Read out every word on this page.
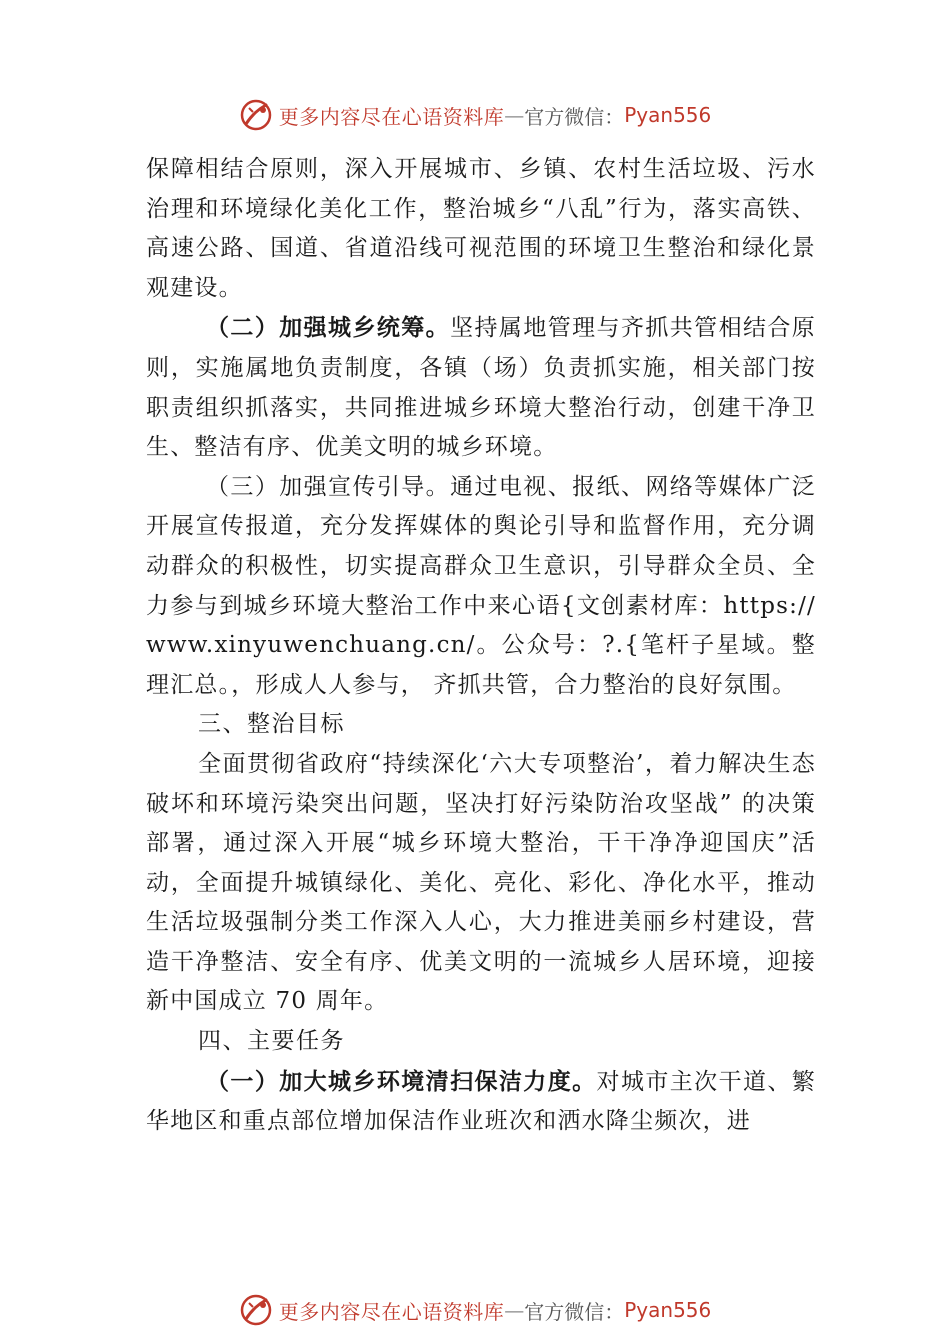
更多内容尽在心语资料库 — 官方微信： Pyan556

保障相结合原则，深入开展城市、乡镇、农村生活垃圾、污水治理和环境绿化美化工作，整治城乡“八乱”行为，落实高铁、高速公路、国道、省道沿线可视范围的环境卫生整治和绿化景观建设。

（二）加强城乡统筹。坚持属地管理与齐抓共管相结合原则，实施属地负责制度，各镇（场）负责抓实施，相关部门按职责组织抓落实，共同推进城乡环境大整治行动，创建干净卫生、整洁有序、优美文明的城乡环境。

（三）加强宣传引导。通过电视、报纸、网络等媒体广泛开展宣传报道，充分发挥媒体的舆论引导和监督作用，充分调动群众的积极性，切实提高群众卫生意识，引导群众全员、全力参与到城乡环境大整治工作中来心语{文创素材库：https://www.xinyuwenchuang.cn/。公众号：?.{笔杆子星域。整理汇总。，形成人人参与， 齐抓共管，合力整治的良好氛围。

三、整治目标

全面贯彻省政府“持续深化‘六大专项整治’，着力解决生态破坏和环境污染突出问题，坚决打好污染防治攻坚战” 的决策部署，通过深入开展“城乡环境大整治，干干净净迎国庆”活动，全面提升城镇绿化、美化、亮化、彩化、净化水平，推动生活垃圾强制分类工作深入人心，大力推进美丽乡村建设，营造干净整洁、安全有序、优美文明的一流城乡人居环境，迎接新中国成立 70 周年。

四、主要任务

（一）加大城乡环境清扫保洁力度。对城市主次干道、繁华地区和重点部位增加保洁作业班次和洒水降尘频次，进

更多内容尽在心语资料库 — 官方微信： Pyan556
